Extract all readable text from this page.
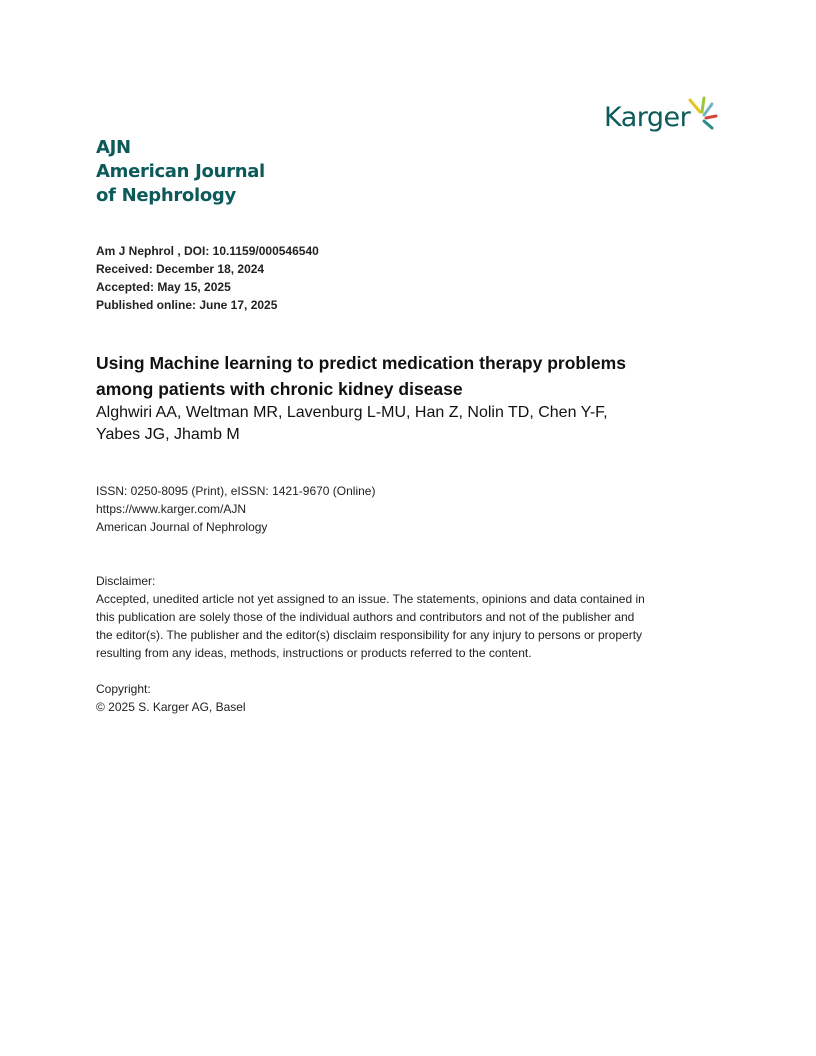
AJN
American Journal
of Nephrology
Karger
Am J Nephrol , DOI: 10.1159/000546540
Received: December 18, 2024
Accepted: May 15, 2025
Published online: June 17, 2025
Using Machine learning to predict medication therapy problems
among patients with chronic kidney disease
Alghwiri AA, Weltman MR, Lavenburg L-MU, Han Z, Nolin TD, Chen Y-F,
Yabes JG, Jhamb M
ISSN: 0250-8095 (Print), eISSN: 1421-9670 (Online)
https://www.karger.com/AJN
American Journal of Nephrology
Disclaimer:
Accepted, unedited article not yet assigned to an issue. The statements, opinions and data contained in
this publication are solely those of the individual authors and contributors and not of the publisher and
the editor(s). The publisher and the editor(s) disclaim responsibility for any injury to persons or property
resulting from any ideas, methods, instructions or products referred to the content.
Copyright:
© 2025 S. Karger AG, Basel
